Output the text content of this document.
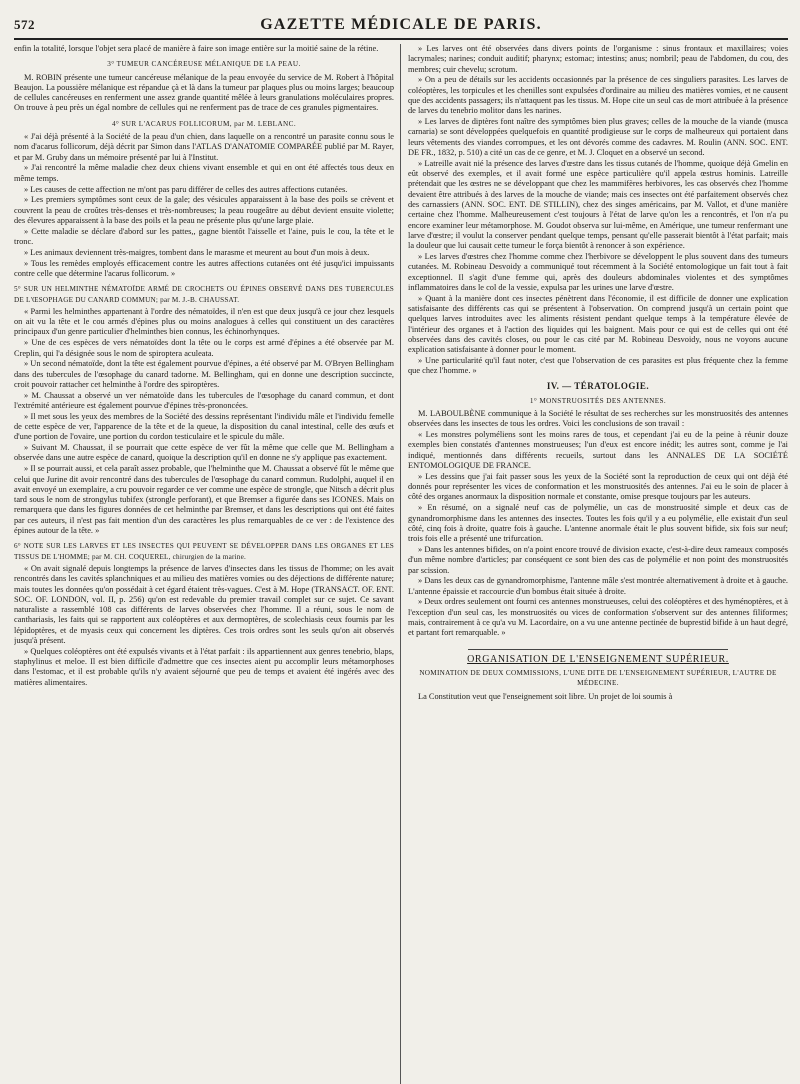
572	GAZETTE MÉDICALE DE PARIS.

enfin la totalité, lorsque l'objet sera placé de manière à faire son image entière sur la moitié saine de la rétine.

3° TUMEUR CANCÉREUSE MÉLANIQUE DE LA PEAU.

M. ROBIN présente une tumeur cancéreuse mélanique de la peau envoyée du service de M. Robert à l'hôpital Beaujon. La poussière mélanique est répandue çà et là dans la tumeur par plaques plus ou moins larges; beaucoup de cellules cancéreuses en renferment une assez grande quantité mêlée à leurs granulations moléculaires propres. On trouve à peu près un égal nombre de cellules qui ne renferment pas de trace de ces granules pigmentaires.

4° SUR L'ACARUS FOLLICORUM, par M. LEBLANC.

« J'ai déjà présenté à la Société de la peau d'un chien, dans laquelle on a rencontré un parasite connu sous le nom d'acarus follicorum, déjà décrit par Simon dans l'ATLAS D'ANATOMIE COMPARÉE publié par M. Rayer, et par M. Gruby dans un mémoire présenté par lui à l'Institut.

» J'ai rencontré la même maladie chez deux chiens vivant ensemble et qui en ont été affectés tous deux en même temps.

» Les causes de cette affection ne m'ont pas paru différer de celles des autres affections cutanées.

» Les premiers symptômes sont ceux de la gale; des vésicules apparaissent à la base des poils se crèvent et couvrent la peau de croûtes très-denses et très-nombreuses; la peau rougeâtre au début devient ensuite violette; des élevures apparaissent à la base des poils et la peau ne présente plus qu'une large plaie.

» Cette maladie se déclare d'abord sur les pattes,, gagne bientôt l'aisselle et l'aine, puis le cou, la tête et le tronc.

» Les animaux deviennent très-maigres, tombent dans le marasme et meurent au bout d'un mois à deux.

» Tous les remèdes employés efficacement contre les autres affections cutanées ont été jusqu'ici impuissants contre celle que détermine l'acarus follicorum. »

5° SUR UN HELMINTHE NÉMATOÏDE ARMÉ DE CROCHETS OU ÉPINES OBSERVÉ DANS DES TUBERCULES DE L'ŒSOPHAGE DU CANARD COMMUN; par M. J.-B. CHAUSSAT.

« Parmi les helminthes appartenant à l'ordre des nématoïdes, il n'en est que deux jusqu'à ce jour chez lesquels on ait vu la tête et le cou armés d'épines plus ou moins analogues à celles qui constituent un des caractères principaux d'un genre particulier d'helminthes bien connus, les échinorhynques.

» Une de ces espèces de vers nématoïdes dont la tête ou le corps est armé d'épines a été observée par M. Creplin, qui l'a désignée sous le nom de spiroptera aculeata.

» Un second nématoïde, dont la tête est également pourvue d'épines, a été observé par M. O'Bryen Bellingham dans des tubercules de l'œsophage du canard tadorne. M. Bellingham, qui en donne une description succincte, croit pouvoir rattacher cet helminthe à l'ordre des spiroptères.

» M. Chaussat a observé un ver nématoïde dans les tubercules de l'œsophage du canard commun, et dont l'extrémité antérieure est également pourvue d'épines très-prononcées.

» Il met sous les yeux des membres de la Société des dessins représentant l'individu mâle et l'individu femelle de cette espèce de ver, l'apparence de la tête et de la queue, la disposition du canal intestinal, celle des œufs et d'une portion de l'ovaire, une portion du cordon testiculaire et le spicule du mâle.

» Suivant M. Chaussat, il se pourrait que cette espèce de ver fût la même que celle que M. Bellingham a observée dans une autre espèce de canard, quoique la description qu'il en donne ne s'y applique pas exactement.

» Il se pourrait aussi, et cela paraît assez probable, que l'helminthe que M. Chaussat a observé fût le même que celui que Jurine dit avoir rencontré dans des tubercules de l'œsophage du canard commun. Rudolphi, auquel il en avait envoyé un exemplaire, a cru pouvoir regarder ce ver comme une espèce de strongle, que Nitsch a décrit plus tard sous le nom de strongylus tubifex (strongle perforant), et que Bremser a figurée dans ses ICONES. Mais on remarquera que dans les figures données de cet helminthe par Bremser, et dans les descriptions qui ont été faites par ces auteurs, il n'est pas fait mention d'un des caractères les plus remarquables de ce ver : de l'existence des épines autour de la tête. »

6° NOTE SUR LES LARVES ET LES INSECTES QUI PEUVENT SE DÉVELOPPER DANS LES ORGANES ET LES TISSUS DE L'HOMME; par M. CH. COQUEREL, chirurgien de la marine.

« On avait signalé depuis longtemps la présence de larves d'insectes dans les tissus de l'homme; on les avait rencontrés dans les cavités splanchniques et au milieu des matières vomies ou des déjections de différente nature; mais toutes les données qu'on possédait à cet égard étaient très-vagues. C'est à M. Hope (TRANSACT. OF. ENT. SOC. OF. LONDON, vol. II, p. 256) qu'on est redevable du premier travail complet sur ce sujet. Ce savant naturaliste a rassemblé 108 cas différents de larves observées chez l'homme. Il a réuni, sous le nom de canthariasis, les faits qui se rapportent aux coléoptères et aux dermoptères, de scolechiasis ceux fournis par les lépidoptères, et de myasis ceux qui concernent les diptères. Ces trois ordres sont les seuls qu'on ait observés jusqu'à présent.

» Quelques coléoptères ont été expulsés vivants et à l'état parfait : ils appartiennent aux genres tenebrio, blaps, staphylinus et meloe. Il est bien difficile d'admettre que ces insectes aient pu accomplir leurs métamorphoses dans l'estomac, et il est probable qu'ils n'y avaient séjourné que peu de temps et avaient été ingérés avec des matières alimentaires.

» Les larves ont été observées dans divers points de l'organisme : sinus frontaux et maxillaires; voies lacrymales; narines; conduit auditif; pharynx; estomac; intestins; anus; nombril; peau de l'abdomen, du cou, des membres; cuir chevelu; scrotum.

» On a peu de détails sur les accidents occasionnés par la présence de ces singuliers parasites. Les larves de coléoptères, les torpicules et les chenilles sont expulsées d'ordinaire au milieu des matières vomies, et ne causent que des accidents passagers; ils n'attaquent pas les tissus. M. Hope cite un seul cas de mort attribuée à la présence de larves du tenebrio molitor dans les narines.

» Les larves de diptères font naître des symptômes bien plus graves; celles de la mouche de la viande (musca carnaria) se sont développées quelquefois en quantité prodigieuse sur le corps de malheureux qui portaient dans leurs vêtements des viandes corrompues, et les ont dévorés comme des cadavres. M. Roulin (ANN. SOC. ENT. DE FR., 1832, p. 510) a cité un cas de ce genre, et M. J. Cloquet en a observé un second.

» Latreille avait nié la présence des larves d'œstre dans les tissus cutanés de l'homme, quoique déjà Gmelin en eût observé des exemples, et il avait formé une espèce particulière qu'il appela œstrus hominis. Latreille prétendait que les œstres ne se développant que chez les mammifères herbivores, les cas observés chez l'homme devaient être attribués à des larves de la mouche de viande; mais ces insectes ont été parfaitement observés chez des carnassiers (ANN. SOC. ENT. DE STILLIN), chez des singes américains, par M. Vallot, et d'une manière certaine chez l'homme. Malheureusement c'est toujours à l'état de larve qu'on les a rencontrés, et l'on n'a pu encore examiner leur métamorphose. M. Goudot observa sur lui-même, en Amérique, une tumeur renfermant une larve d'œstre; il voulut la conserver pendant quelque temps, pensant qu'elle passerait bientôt à l'état parfait; mais la douleur que lui causait cette tumeur le força bientôt à renoncer à son expérience.

» Les larves d'œstres chez l'homme comme chez l'herbivore se développent le plus souvent dans des tumeurs cutanées. M. Robineau Desvoidy a communiqué tout récemment à la Société entomologique un fait tout à fait exceptionnel. Il s'agit d'une femme qui, après des douleurs abdominales violentes et des symptômes inflammatoires dans le col de la vessie, expulsa par les urines une larve d'œstre.

» Quant à la manière dont ces insectes pénètrent dans l'économie, il est difficile de donner une explication satisfaisante des différents cas qui se présentent à l'observation. On comprend jusqu'à un certain point que quelques larves introduites avec les aliments résistent pendant quelque temps à la température élevée de l'intérieur des organes et à l'action des liquides qui les baignent. Mais pour ce qui est de celles qui ont été observées dans des cavités closes, ou pour le cas cité par M. Robineau Desvoidy, nous ne voyons aucune explication satisfaisante à donner pour le moment.

» Une particularité qu'il faut noter, c'est que l'observation de ces parasites est plus fréquente chez la femme que chez l'homme. »

IV. — TÉRATOLOGIE.
1° MONSTRUOSITÉS DES ANTENNES.

M. LABOULBÈNE communique à la Société le résultat de ses recherches sur les monstruosités des antennes observées dans les insectes de tous les ordres. Voici les conclusions de son travail :

« Les monstres polyméliens sont les moins rares de tous, et cependant j'ai eu de la peine à réunir douze exemples bien constatés d'antennes monstrueuses; l'un d'eux est encore inédit; les autres sont, comme je l'ai indiqué, mentionnés dans différents recueils, surtout dans les ANNALES DE LA SOCIÉTÉ ENTOMOLOGIQUE DE FRANCE.

» Les dessins que j'ai fait passer sous les yeux de la Société sont la reproduction de ceux qui ont déjà été donnés pour représenter les vices de conformation et les monstruosités des antennes. J'ai eu le soin de placer à côté des organes anormaux la disposition normale et constante, omise presque toujours par les auteurs.

» En résumé, on a signalé neuf cas de polymélie, un cas de monstruosité simple et deux cas de gynandromorphisme dans les antennes des insectes. Toutes les fois qu'il y a eu polymélie, elle existait d'un seul côté, cinq fois à droite, quatre fois à gauche. L'antenne anormale était le plus souvent bifide, six fois sur neuf; trois fois elle a présenté une trifurcation.

» Dans les antennes bifides, on n'a point encore trouvé de division exacte, c'est-à-dire deux rameaux composés d'un même nombre d'articles; par conséquent ce sont bien des cas de polymélie et non point des monstruosités par scission.

» Dans les deux cas de gynandromorphisme, l'antenne mâle s'est montrée alternativement à droite et à gauche. L'antenne épaissie et raccourcie d'un bombus était située à droite.

» Deux ordres seulement ont fourni ces antennes monstrueuses, celui des coléoptères et des hyménoptères, et à l'exception d'un seul cas, les monstruosités ou vices de conformation s'observent sur des antennes filiformes; mais, contrairement à ce qu'a vu M. Lacordaire, on a vu une antenne pectinée de buprestid bifide à un haut degré, et partant fort remarquable. »

ORGANISATION DE L'ENSEIGNEMENT SUPÉRIEUR.
NOMINATION DE DEUX COMMISSIONS, L'UNE DITE DE L'ENSEIGNEMENT SUPÉRIEUR, L'AUTRE DE MÉDECINE.

La Constitution veut que l'enseignement soit libre. Un projet de loi soumis à
